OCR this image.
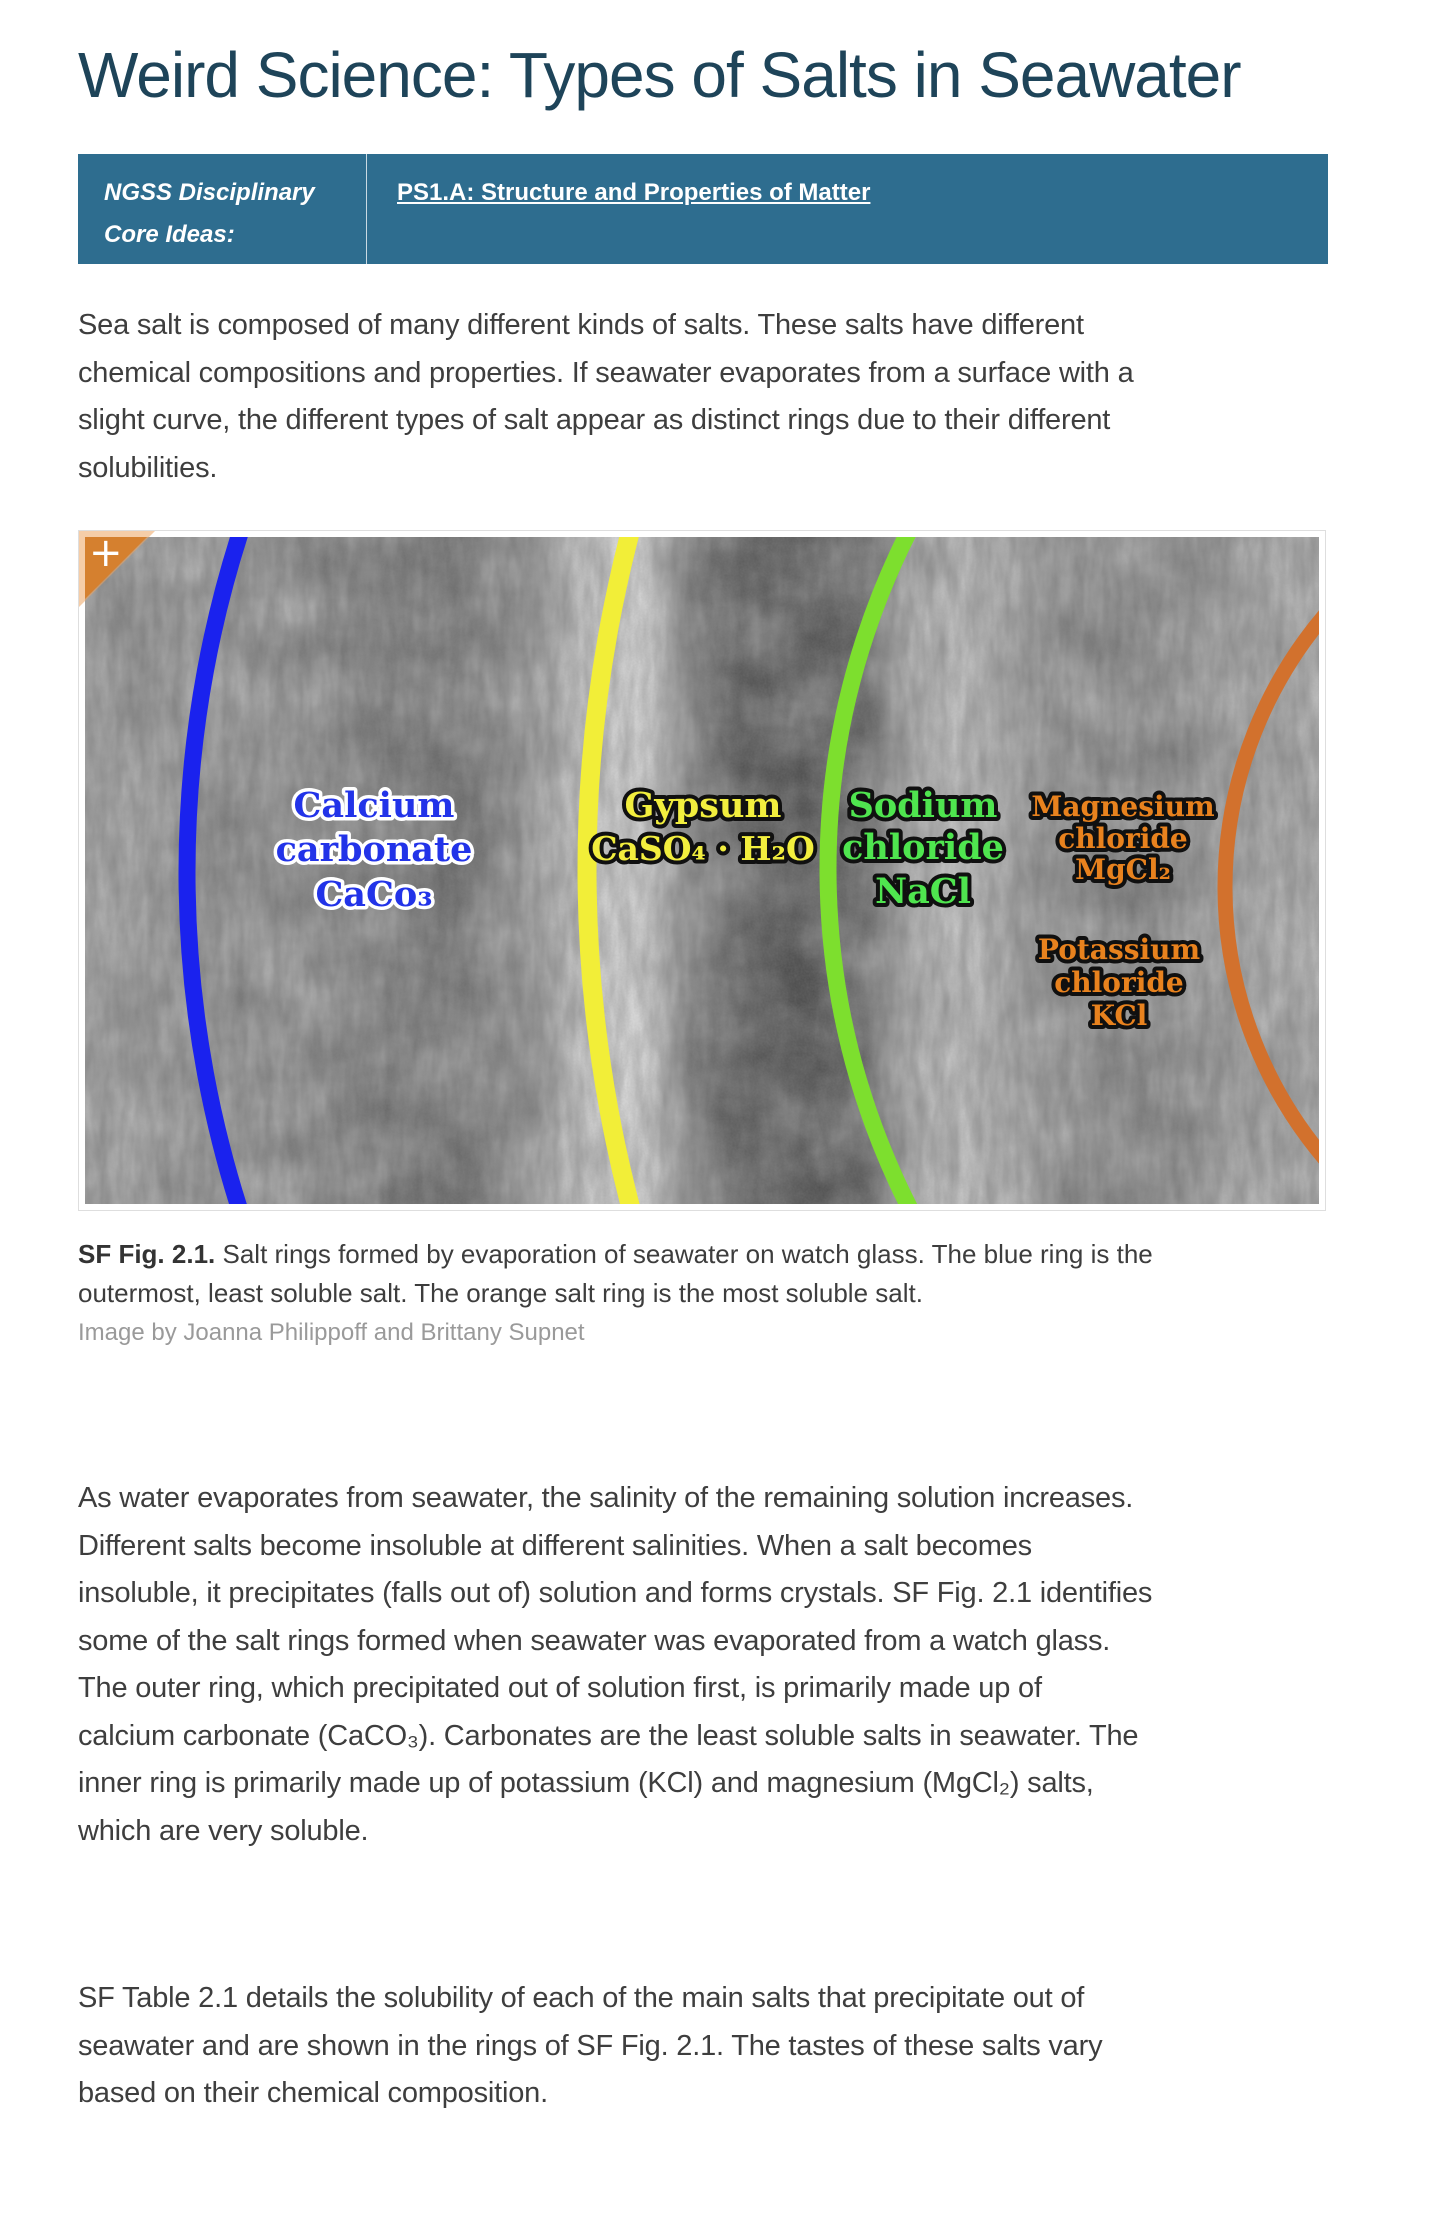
Weird Science: Types of Salts in Seawater
NGSS Disciplinary
Core Ideas:
PS1.A: Structure and Properties of Matter
Sea salt is composed of many different kinds of salts. These salts have different
chemical compositions and properties. If seawater evaporates from a surface with a
slight curve, the different types of salt appear as distinct rings due to their different
solubilities.
Calcium
carbonate
CaCo₃
Gypsum
CaSO₄ · H₂O
Sodium
chloride
NaCl
Magnesium
chloride
MgCl₂
Potassium
chloride
KCl
+
SF Fig. 2.1. Salt rings formed by evaporation of seawater on watch glass. The blue ring is the outermost, least soluble salt. The orange salt ring is the most soluble salt.
Image by Joanna Philippoff and Brittany Supnet
As water evaporates from seawater, the salinity of the remaining solution increases.
Different salts become insoluble at different salinities. When a salt becomes
insoluble, it precipitates (falls out of) solution and forms crystals. SF Fig. 2.1 identifies
some of the salt rings formed when seawater was evaporated from a watch glass.
The outer ring, which precipitated out of solution first, is primarily made up of
calcium carbonate (CaCO₃). Carbonates are the least soluble salts in seawater. The
inner ring is primarily made up of potassium (KCl) and magnesium (MgCl₂) salts,
which are very soluble.
SF Table 2.1 details the solubility of each of the main salts that precipitate out of
seawater and are shown in the rings of SF Fig. 2.1. The tastes of these salts vary
based on their chemical composition.
